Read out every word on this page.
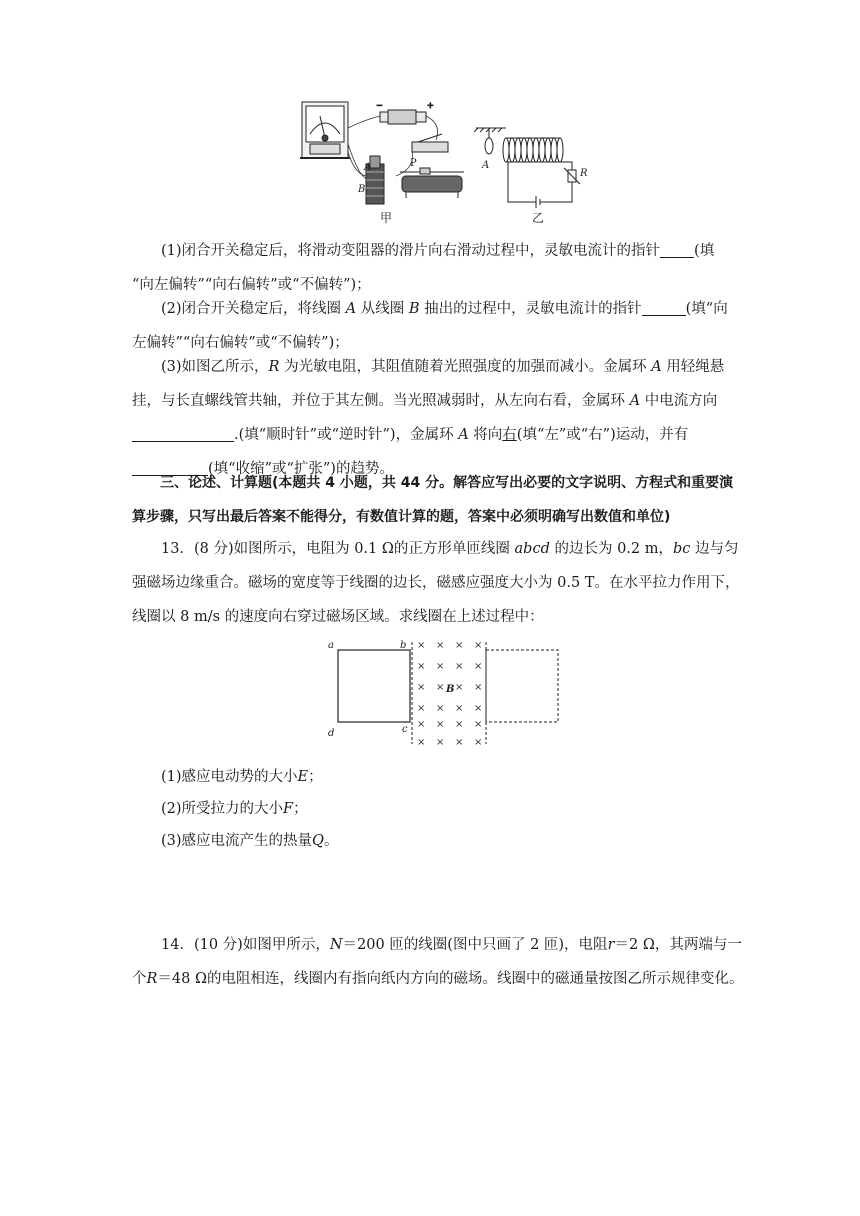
−	+
A
B
P	A
R
甲	乙

(1)闭合开关稳定后，将滑动变阻器的滑片向右滑动过程中，灵敏电流计的指针 (填
“向左偏转”“向右偏转”或“不偏转”)；

(2)闭合开关稳定后，将线圈 A 从线圈 B 抽出的过程中，灵敏电流计的指针	(填“向
左偏转”“向右偏转”或“不偏转”)；

(3)如图乙所示，R 为光敏电阻，其阻值随着光照强度的加强而减小。金属环 A 用轻绳悬挂，与长直螺线管共轴，并位于其左侧。当光照减弱时，从左向右看，金属环 A 中电流方向.(填“顺时针”或“逆时针”)，金属环 A 将向右(填“左”或“右”)运动，并有(填“收缩”或“扩张”)的趋势。

三、论述、计算题(本题共 4 小题，共 44 分。解答应写出必要的文字说明、方程式和重要演算步骤，只写出最后答案不能得分，有数值计算的题，答案中必须明确写出数值和单位)

13．(8 分)如图所示，电阻为 0.1 Ω的正方形单匝线圈 abcd 的边长为 0.2 m，bc 边与匀强磁场边缘重合。磁场的宽度等于线圈的边长，磁感应强度大小为 0.5 T。在水平拉力作用下，线圈以 8 m/s 的速度向右穿过磁场区域。求线圈在上述过程中：

× × × ×
× × × ×
× × × ×
× × × ×
× × × ×
× × × ×
a	b
c
d
B

(1)感应电动势的大小E；

(2)所受拉力的大小F；

(3)感应电流产生的热量Q。

14．(10 分)如图甲所示，N＝200 匝的线圈(图中只画了 2 匝)，电阻r＝2 Ω，其两端与一个R＝48 Ω的电阻相连，线圈内有指向纸内方向的磁场。线圈中的磁通量按图乙所示规律变化。
